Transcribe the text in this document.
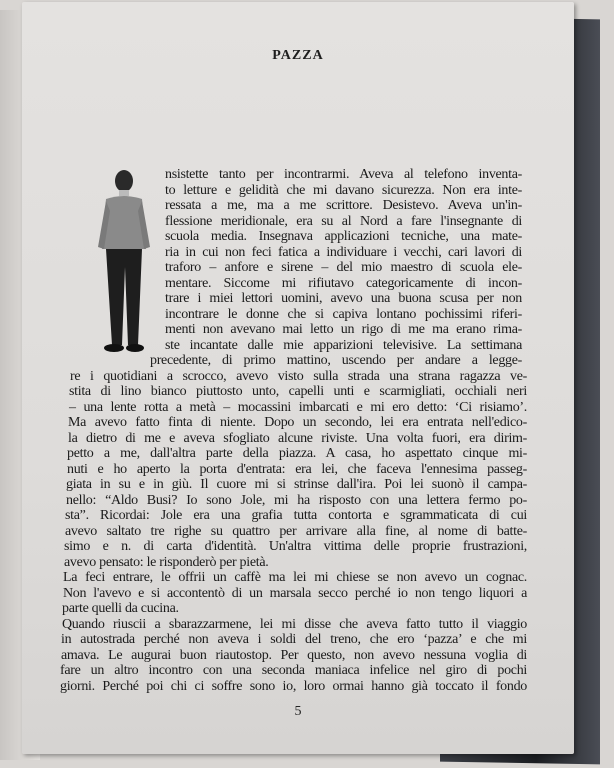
PAZZA
nsistette tanto per incontrarmi. Aveva al telefono inventa-
to letture e gelidità che mi davano sicurezza. Non era inte-
ressata a me, ma a me scrittore. Desistevo. Aveva un'in-
flessione meridionale, era su al Nord a fare l'insegnante di
scuola media. Insegnava applicazioni tecniche, una mate-
ria in cui non feci fatica a individuare i vecchi, cari lavori di
traforo – anfore e sirene – del mio maestro di scuola ele-
mentare. Siccome mi rifiutavo categoricamente di incon-
trare i miei lettori uomini, avevo una buona scusa per non
incontrare le donne che si capiva lontano pochissimi riferi-
menti non avevano mai letto un rigo di me ma erano rima-
ste incantate dalle mie apparizioni televisive. La settimana
precedente, di primo mattino, uscendo per andare a legge-
re i quotidiani a scrocco, avevo visto sulla strada una strana ragazza ve-
stita di lino bianco piuttosto unto, capelli unti e scarmigliati, occhiali neri
– una lente rotta a metà – mocassini imbarcati e mi ero detto: ‘Ci risiamo’.
Ma avevo fatto finta di niente. Dopo un secondo, lei era entrata nell'edico-
la dietro di me e aveva sfogliato alcune riviste. Una volta fuori, era dirim-
petto a me, dall'altra parte della piazza. A casa, ho aspettato cinque mi-
nuti e ho aperto la porta d'entrata: era lei, che faceva l'ennesima passeg-
giata in su e in giù. Il cuore mi si strinse dall'ira. Poi lei suonò il campa-
nello: “Aldo Busi? Io sono Jole, mi ha risposto con una lettera fermo po-
sta”. Ricordai: Jole era una grafia tutta contorta e sgrammaticata di cui
avevo saltato tre righe su quattro per arrivare alla fine, al nome di batte-
simo e n. di carta d'identità. Un'altra vittima delle proprie frustrazioni,
avevo pensato: le risponderò per pietà.
La feci entrare, le offrii un caffè ma lei mi chiese se non avevo un cognac.
Non l'avevo e si accontentò di un marsala secco perché io non tengo liquori a
parte quelli da cucina.
Quando riuscii a sbarazzarmene, lei mi disse che aveva fatto tutto il viaggio
in autostrada perché non aveva i soldi del treno, che ero ‘pazza’ e che mi
amava. Le augurai buon riautostop. Per questo, non avevo nessuna voglia di
fare un altro incontro con una seconda maniaca infelice nel giro di pochi
giorni. Perché poi chi ci soffre sono io, loro ormai hanno già toccato il fondo
5
